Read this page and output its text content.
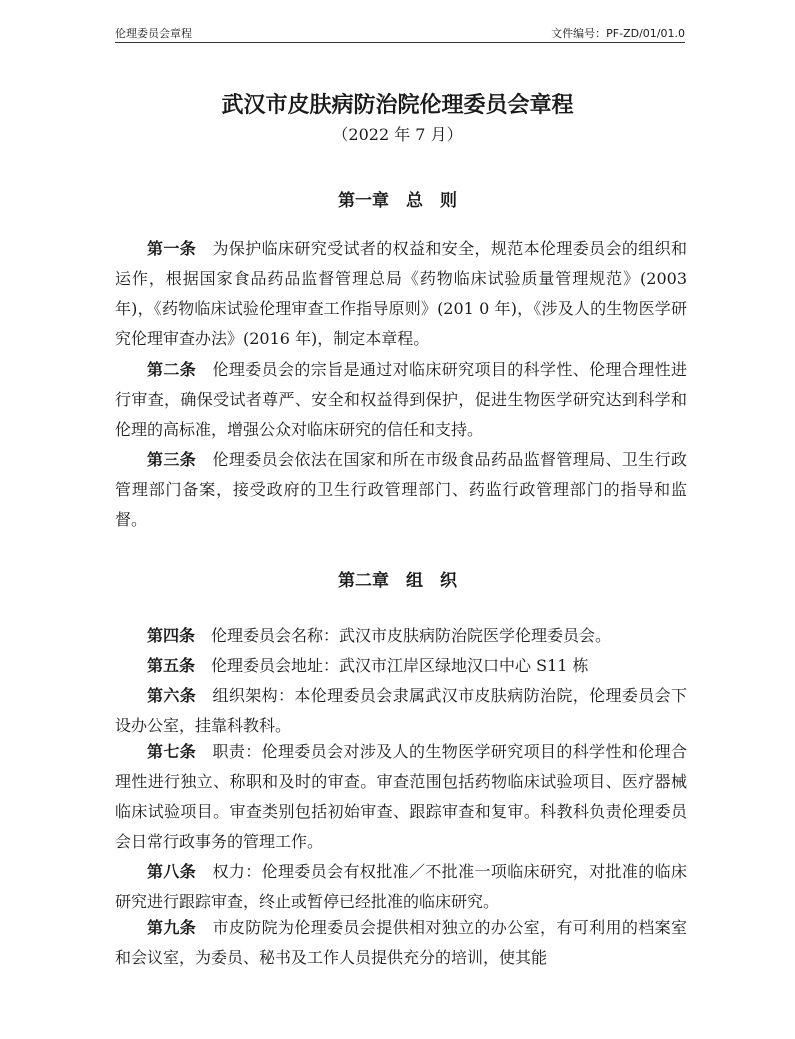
伦理委员会章程	文件编号：PF-ZD/01/01.0
武汉市皮肤病防治院伦理委员会章程
（2022 年 7 月）
第一章　总　则
第一条　 为保护临床研究受试者的权益和安全，规范本伦理委员会的组织和运作，根据国家食品药品监督管理总局《药物临床试验质量管理规范》(2003 年)，《药物临床试验伦理审查工作指导原则》(201 0 年)，《涉及人的生物医学研究伦理审查办法》(2016 年)，制定本章程。
第二条　 伦理委员会的宗旨是通过对临床研究项目的科学性、伦理合理性进行审查，确保受试者尊严、安全和权益得到保护，促进生物医学研究达到科学和伦理的高标准，增强公众对临床研究的信任和支持。
第三条　 伦理委员会依法在国家和所在市级食品药品监督管理局、卫生行政管理部门备案，接受政府的卫生行政管理部门、药监行政管理部门的指导和监督。
第二章　组　织
第四条　 伦理委员会名称：武汉市皮肤病防治院医学伦理委员会。
第五条　 伦理委员会地址：武汉市江岸区绿地汉口中心 S11 栋
第六条　 组织架构：本伦理委员会隶属武汉市皮肤病防治院，伦理委员会下设办公室，挂靠科教科。
第七条　 职责：伦理委员会对涉及人的生物医学研究项目的科学性和伦理合理性进行独立、称职和及时的审查。审查范围包括药物临床试验项目、医疗器械临床试验项目。审查类别包括初始审查、跟踪审查和复审。科教科负责伦理委员会日常行政事务的管理工作。
第八条　 权力：伦理委员会有权批准／不批准一项临床研究，对批准的临床研究进行跟踪审查，终止或暂停已经批准的临床研究。
第九条　 市皮防院为伦理委员会提供相对独立的办公室，有可利用的档案室和会议室，为委员、秘书及工作人员提供充分的培训，使其能
